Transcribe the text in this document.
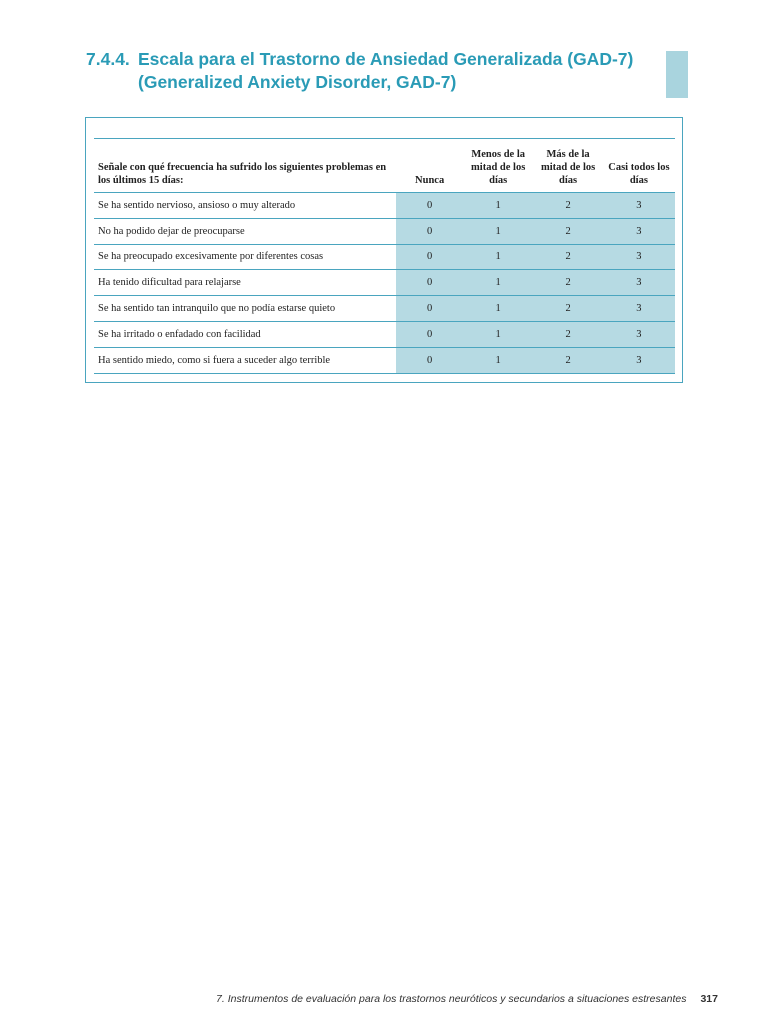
7.4.4. Escala para el Trastorno de Ansiedad Generalizada (GAD-7)
(Generalized Anxiety Disorder, GAD-7)
Señale con qué frecuencia ha sufrido los siguientes problemas en los últimos 15 días:	Nunca	Menos de la mitad de los días	Más de la mitad de los días	Casi todos los días
Se ha sentido nervioso, ansioso o muy alterado	0	1	2	3
No ha podido dejar de preocuparse	0	1	2	3
Se ha preocupado excesivamente por diferentes cosas	0	1	2	3
Ha tenido dificultad para relajarse	0	1	2	3
Se ha sentido tan intranquilo que no podía estarse quieto	0	1	2	3
Se ha irritado o enfadado con facilidad	0	1	2	3
Ha sentido miedo, como si fuera a suceder algo terrible	0	1	2	3
7. Instrumentos de evaluación para los trastornos neuróticos y secundarios a situaciones estresantes 317
